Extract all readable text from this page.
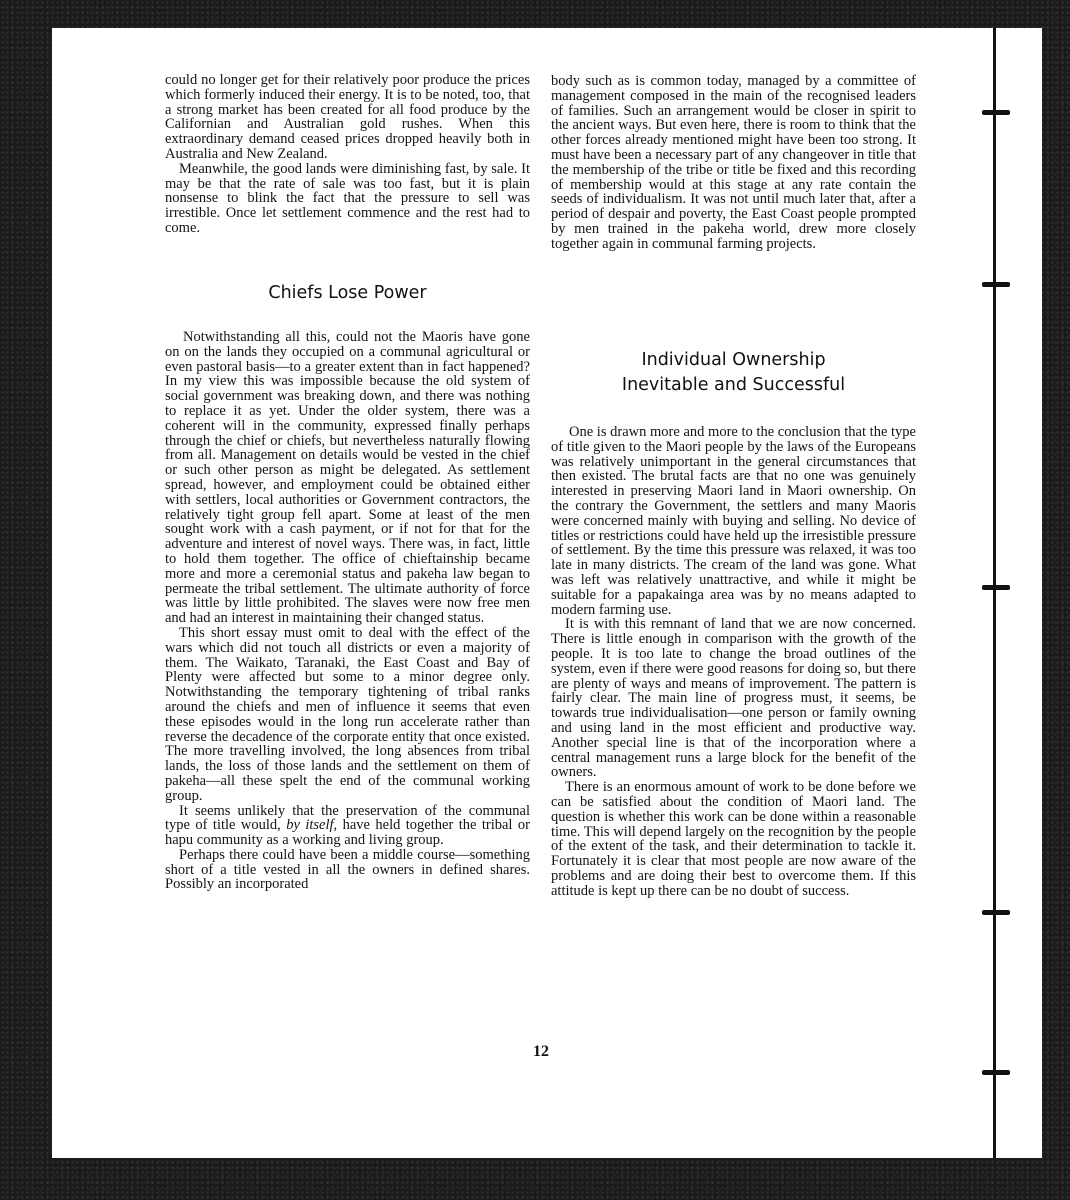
could no longer get for their relatively poor produce the prices which formerly induced their energy. It is to be noted, too, that a strong market has been created for all food produce by the Californian and Australian gold rushes. When this extraordinary demand ceased prices dropped heavily both in Australia and New Zealand.

Meanwhile, the good lands were diminishing fast, by sale. It may be that the rate of sale was too fast, but it is plain nonsense to blink the fact that the pressure to sell was irrestible. Once let settlement commence and the rest had to come.

Chiefs Lose Power

Notwithstanding all this, could not the Maoris have gone on on the lands they occupied on a communal agricultural or even pastoral basis—to a greater extent than in fact happened? In my view this was impossible because the old system of social government was breaking down, and there was nothing to replace it as yet. Under the older system, there was a coherent will in the community, expressed finally perhaps through the chief or chiefs, but nevertheless naturally flowing from all. Management on details would be vested in the chief or such other person as might be delegated. As settlement spread, however, and employment could be obtained either with settlers, local authorities or Government contractors, the relatively tight group fell apart. Some at least of the men sought work with a cash payment, or if not for that for the adventure and interest of novel ways. There was, in fact, little to hold them together. The office of chieftainship became more and more a ceremonial status and pakeha law began to permeate the tribal settlement. The ultimate authority of force was little by little prohibited. The slaves were now free men and had an interest in maintaining their changed status.

This short essay must omit to deal with the effect of the wars which did not touch all districts or even a majority of them. The Waikato, Taranaki, the East Coast and Bay of Plenty were affected but some to a minor degree only. Notwithstanding the temporary tightening of tribal ranks around the chiefs and men of influence it seems that even these episodes would in the long run accelerate rather than reverse the decadence of the corporate entity that once existed. The more travelling involved, the long absences from tribal lands, the loss of those lands and the settlement on them of pakeha—all these spelt the end of the communal working group.

It seems unlikely that the preservation of the communal type of title would, by itself, have held together the tribal or hapu community as a working and living group.

Perhaps there could have been a middle course—something short of a title vested in all the owners in defined shares. Possibly an incorporated

body such as is common today, managed by a committee of management composed in the main of the recognised leaders of families. Such an arrangement would be closer in spirit to the ancient ways. But even here, there is room to think that the other forces already mentioned might have been too strong. It must have been a necessary part of any changeover in title that the membership of the tribe or title be fixed and this recording of membership would at this stage at any rate contain the seeds of individualism. It was not until much later that, after a period of despair and poverty, the East Coast people prompted by men trained in the pakeha world, drew more closely together again in communal farming projects.

Individual Ownership
Inevitable and Successful

One is drawn more and more to the conclusion that the type of title given to the Maori people by the laws of the Europeans was relatively unimportant in the general circumstances that then existed. The brutal facts are that no one was genuinely interested in preserving Maori land in Maori ownership. On the contrary the Government, the settlers and many Maoris were concerned mainly with buying and selling. No device of titles or restrictions could have held up the irresistible pressure of settlement. By the time this pressure was relaxed, it was too late in many districts. The cream of the land was gone. What was left was relatively unattractive, and while it might be suitable for a papakainga area was by no means adapted to modern farming use.

It is with this remnant of land that we are now concerned. There is little enough in comparison with the growth of the people. It is too late to change the broad outlines of the system, even if there were good reasons for doing so, but there are plenty of ways and means of improvement. The pattern is fairly clear. The main line of progress must, it seems, be towards true individualisation—one person or family owning and using land in the most efficient and productive way. Another special line is that of the incorporation where a central management runs a large block for the benefit of the owners.

There is an enormous amount of work to be done before we can be satisfied about the condition of Maori land. The question is whether this work can be done within a reasonable time. This will depend largely on the recognition by the people of the extent of the task, and their determination to tackle it. Fortunately it is clear that most people are now aware of the problems and are doing their best to overcome them. If this attitude is kept up there can be no doubt of success.

12
